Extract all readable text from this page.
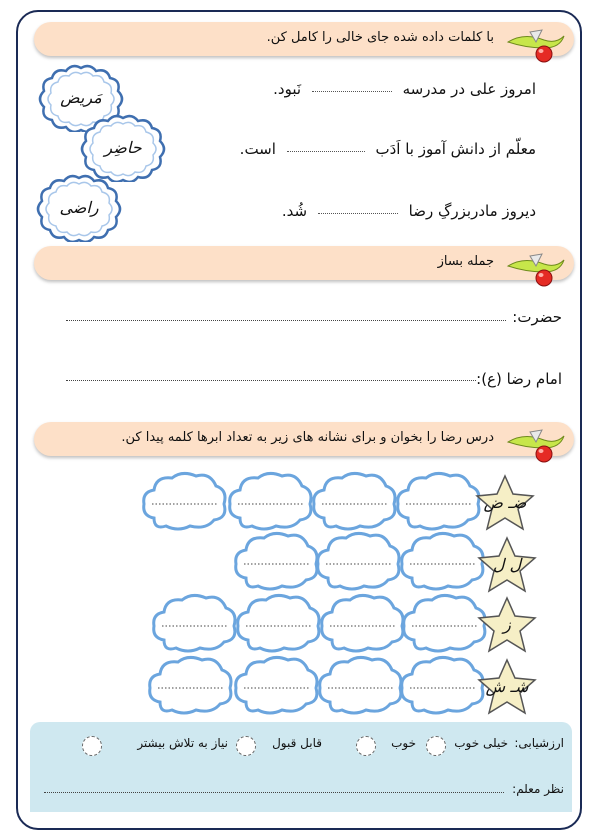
با کلمات داده شده جای خالی را کامل کن.
امروز علی در مدرسه  نَبود.
معلّم از دانش آموز با اَدَب  است.
دیروز مادربزرگِ رضا  شُد.
مَریض
حاضِر
راضی
جمله بساز
حضرت:
امام رضا (ع):
درس رضا را بخوان و برای نشانه های زیر به تعداد ابرها کلمه پیدا کن.
ضـ ض
ل ل
ز
شـ ش
ارزشیابی:
خیلی خوب
خوب
قابل قبول
نیاز به تلاش بیشتر
نظر معلم:
